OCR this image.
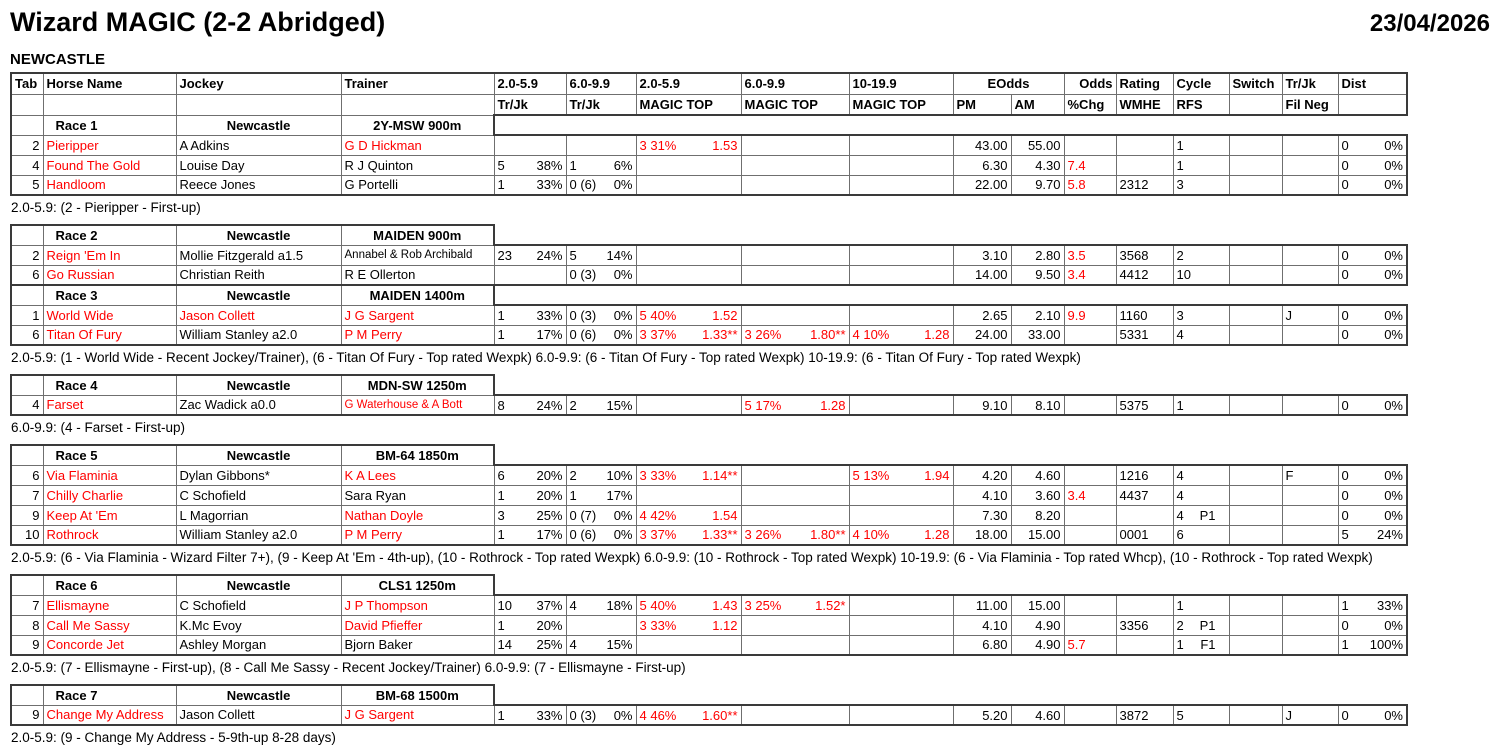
Wizard MAGIC (2-2 Abridged)	23/04/2026
NEWCASTLE
Tab	Horse Name	Jockey	Trainer	2.0-5.9	6.0-9.9	2.0-5.9	6.0-9.9	10-19.9	EOdds		Odds	Rating	Cycle	Switch	Tr/Jk	Dist
				Tr/Jk	Tr/Jk	MAGIC TOP	MAGIC TOP	MAGIC TOP	PM	AM	%Chg	WMHE	RFS		Fil Neg	
	Race 1	Newcastle	2Y-MSW 900m													
2	Pieripper	A Adkins	G D Hickman			3 31% 1.53			43.00	55.00			1			0 0%

4	Found The Gold	Louise Day	R J Quinton	5 38%	1 6%				6.30	4.30	7.4		1			0 0%

5	Handloom	Reece Jones	G Portelli	1 33%	0 (6) 0%				22.00	9.70	5.8	2312	3			0 0%
2.0-5.9: (2 - Pieripper - First-up)
	Race 2	Newcastle	MAIDEN 900m													
2	Reign 'Em In	Mollie Fitzgerald a1.5	Annabel & Rob Archibald	23 24%	5 14%				3.10	2.80	3.5	3568	2			0 0%

6	Go Russian	Christian Reith	R E Ollerton		0 (3) 0%				14.00	9.50	3.4	4412	10			0 0%

	Race 3	Newcastle	MAIDEN 1400m													
1	World Wide	Jason Collett	J G Sargent	1 33%	0 (3) 0%	5 40% 1.52			2.65	2.10	9.9	1160	3		J	0 0%

6	Titan Of Fury	William Stanley a2.0	P M Perry	1 17%	0 (6) 0%	3 37% 1.33**	3 26% 1.80**	4 10% 1.28	24.00	33.00		5331	4			0 0%
2.0-5.9: (1 - World Wide - Recent Jockey/Trainer), (6 - Titan Of Fury - Top rated Wexpk) 6.0-9.9: (6 - Titan Of Fury - Top rated Wexpk) 10-19.9: (6 - Titan Of Fury - Top rated Wexpk)
	Race 4	Newcastle	MDN-SW 1250m													
4	Farset	Zac Wadick a0.0	G Waterhouse & A Bott	8 24%	2 15%		5 17% 1.28		9.10	8.10		5375	1			0 0%
6.0-9.9: (4 - Farset - First-up)
	Race 5	Newcastle	BM-64 1850m													
6	Via Flaminia	Dylan Gibbons*	K A Lees	6 20%	2 10%	3 33% 1.14**		5 13% 1.94	4.20	4.60		1216	4		F	0 0%

7	Chilly Charlie	C Schofield	Sara Ryan	1 20%	1 17%				4.10	3.60	3.4	4437	4			0 0%

9	Keep At 'Em	L Magorrian	Nathan Doyle	3 25%	0 (7) 0%	4 42% 1.54			7.30	8.20			4 P1			0 0%

10	Rothrock	William Stanley a2.0	P M Perry	1 17%	0 (6) 0%	3 37% 1.33**	3 26% 1.80**	4 10% 1.28	18.00	15.00		0001	6			5 24%
2.0-5.9: (6 - Via Flaminia - Wizard Filter 7+), (9 - Keep At 'Em - 4th-up), (10 - Rothrock - Top rated Wexpk) 6.0-9.9: (10 - Rothrock - Top rated Wexpk) 10-19.9: (6 - Via Flaminia - Top rated Whcp), (10 - Rothrock - Top rated Wexpk)
	Race 6	Newcastle	CLS1 1250m													
7	Ellismayne	C Schofield	J P Thompson	10 37%	4 18%	5 40% 1.43	3 25% 1.52*		11.00	15.00			1			1 33%

8	Call Me Sassy	K.Mc Evoy	David Pfieffer	1 20%		3 33% 1.12			4.10	4.90		3356	2 P1			0 0%

9	Concorde Jet	Ashley Morgan	Bjorn Baker	14 25%	4 15%				6.80	4.90	5.7		1 F1			1 100%
2.0-5.9: (7 - Ellismayne - First-up), (8 - Call Me Sassy - Recent Jockey/Trainer) 6.0-9.9: (7 - Ellismayne - First-up)
	Race 7	Newcastle	BM-68 1500m													
9	Change My Address	Jason Collett	J G Sargent	1 33%	0 (3) 0%	4 46% 1.60**			5.20	4.60		3872	5		J	0 0%
2.0-5.9: (9 - Change My Address - 5-9th-up 8-28 days)
